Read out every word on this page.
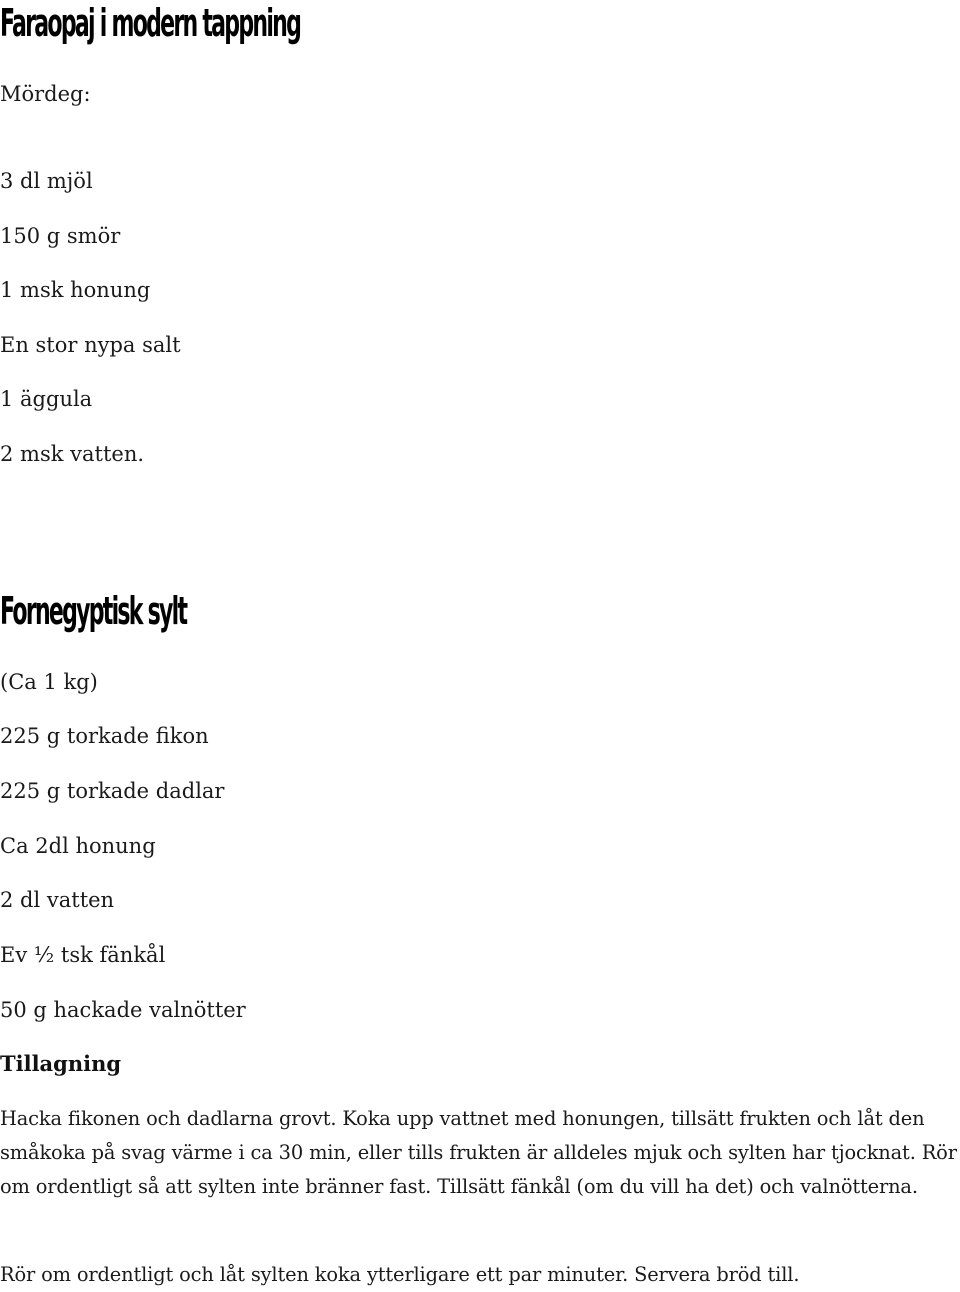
Faraopaj i modern tappning

Mördeg:

3 dl mjöl

150 g smör

1 msk honung

En stor nypa salt

1 äggula

2 msk vatten.

Fornegyptisk sylt

(Ca 1 kg)

225 g torkade fikon

225 g torkade dadlar

Ca 2dl honung

2 dl vatten

Ev ½ tsk fänkål

50 g hackade valnötter

Tillagning

Hacka fikonen och dadlarna grovt. Koka upp vattnet med honungen, tillsätt frukten och låt den småkoka på svag värme i ca 30 min, eller tills frukten är alldeles mjuk och sylten har tjocknat. Rör om ordentligt så att sylten inte bränner fast. Tillsätt fänkål (om du vill ha det) och valnötterna.

Rör om ordentligt och låt sylten koka ytterligare ett par minuter. Servera bröd till.
